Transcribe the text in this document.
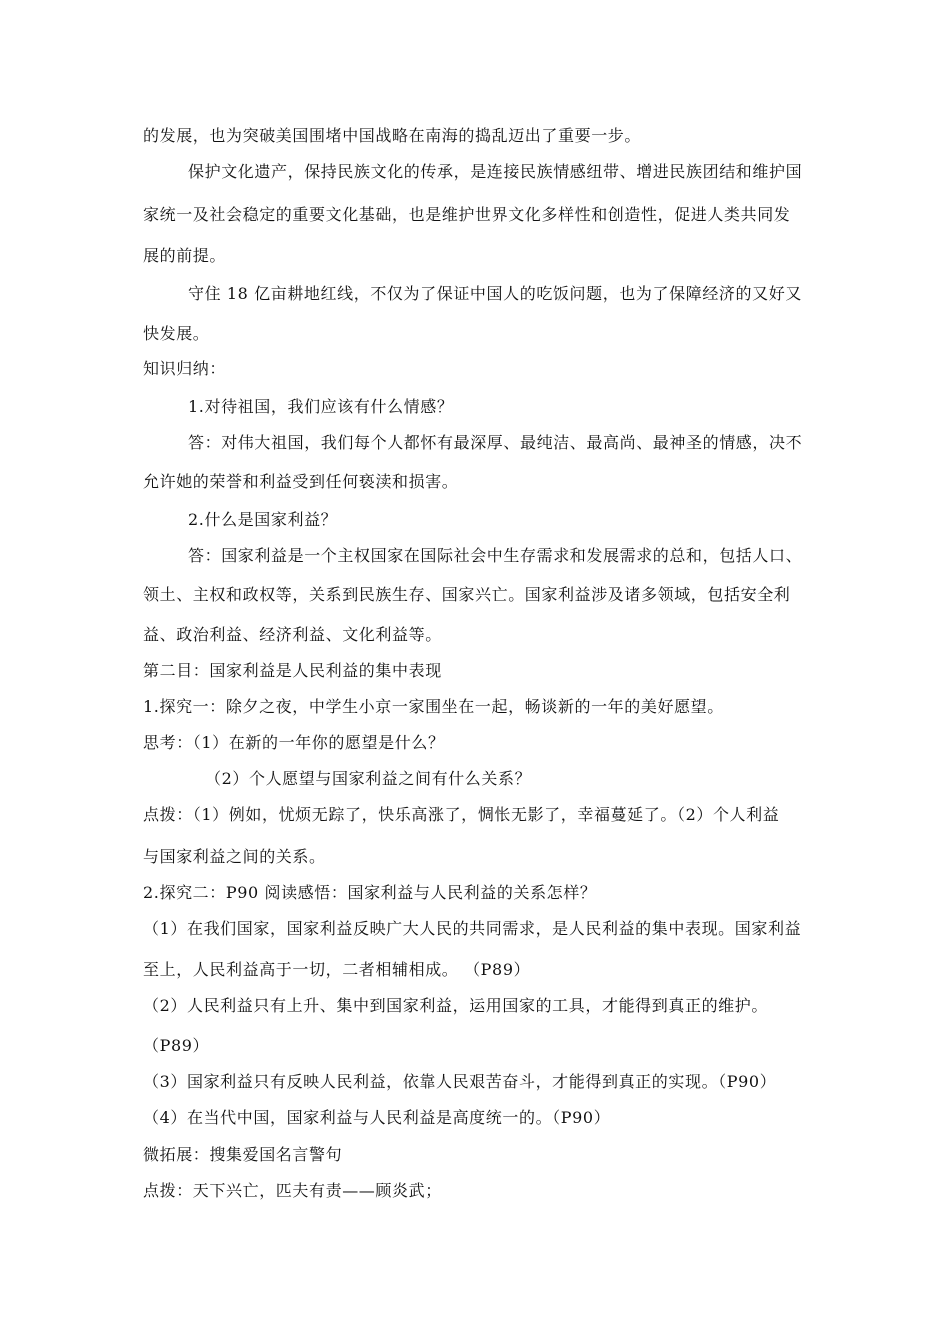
的发展，也为突破美国围堵中国战略在南海的捣乱迈出了重要一步。
保护文化遗产，保持民族文化的传承，是连接民族情感纽带、增进民族团结和维护国
家统一及社会稳定的重要文化基础，也是维护世界文化多样性和创造性，促进人类共同发
展的前提。
守住 18 亿亩耕地红线，不仅为了保证中国人的吃饭问题，也为了保障经济的又好又
快发展。
知识归纳：
1.对待祖国，我们应该有什么情感？
答：对伟大祖国，我们每个人都怀有最深厚、最纯洁、最高尚、最神圣的情感，决不
允许她的荣誉和利益受到任何亵渎和损害。
2.什么是国家利益？
答：国家利益是一个主权国家在国际社会中生存需求和发展需求的总和，包括人口、
领土、主权和政权等，关系到民族生存、国家兴亡。国家利益涉及诸多领域，包括安全利
益、政治利益、经济利益、文化利益等。
第二目：国家利益是人民利益的集中表现
1.探究一：除夕之夜，中学生小京一家围坐在一起，畅谈新的一年的美好愿望。
思考：（1）在新的一年你的愿望是什么？
（2）个人愿望与国家利益之间有什么关系？
点拨：（1）例如，忧烦无踪了，快乐高涨了，惆怅无影了，幸福蔓延了。（2）个人利益
与国家利益之间的关系。
2.探究二：P90 阅读感悟：国家利益与人民利益的关系怎样？
（1）在我们国家，国家利益反映广大人民的共同需求，是人民利益的集中表现。国家利益
至上，人民利益高于一切，二者相辅相成。 （P89）
（2）人民利益只有上升、集中到国家利益，运用国家的工具，才能得到真正的维护。
（P89）
（3）国家利益只有反映人民利益，依靠人民艰苦奋斗，才能得到真正的实现。（P90）
（4）在当代中国，国家利益与人民利益是高度统一的。（P90）
微拓展：搜集爱国名言警句
点拨：天下兴亡，匹夫有责——顾炎武；
